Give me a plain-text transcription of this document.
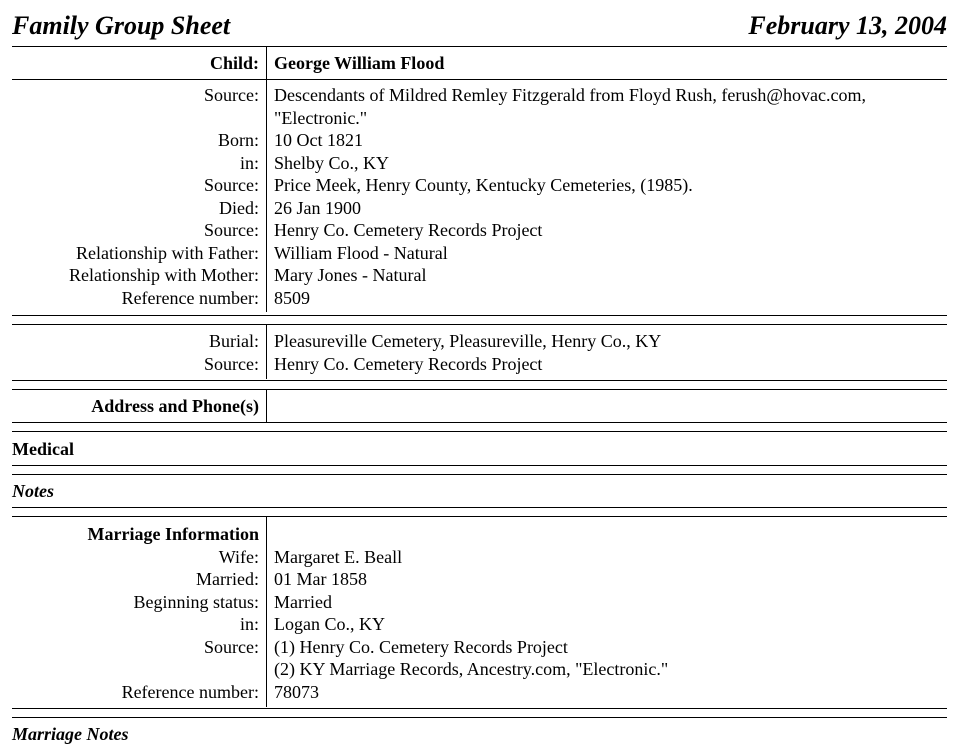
Family Group Sheet	February 13, 2004
Child: George William Flood
Source: Descendants of Mildred Remley Fitzgerald from Floyd Rush, ferush@hovac.com,
"Electronic."
Born: 10 Oct 1821
in: Shelby Co., KY
Source: Price Meek, Henry County, Kentucky Cemeteries, (1985).
Died: 26 Jan 1900
Source: Henry Co. Cemetery Records Project
Relationship with Father: William Flood - Natural
Relationship with Mother: Mary Jones - Natural
Reference number: 8509
Burial: Pleasureville Cemetery, Pleasureville, Henry Co., KY
Source: Henry Co. Cemetery Records Project
Address and Phone(s)
Medical
Notes
Marriage Information
Wife: Margaret E. Beall
Married: 01 Mar 1858
Beginning status: Married
in: Logan Co., KY
Source: (1) Henry Co. Cemetery Records Project
(2) KY Marriage Records, Ancestry.com, "Electronic."
Reference number: 78073
Marriage Notes
